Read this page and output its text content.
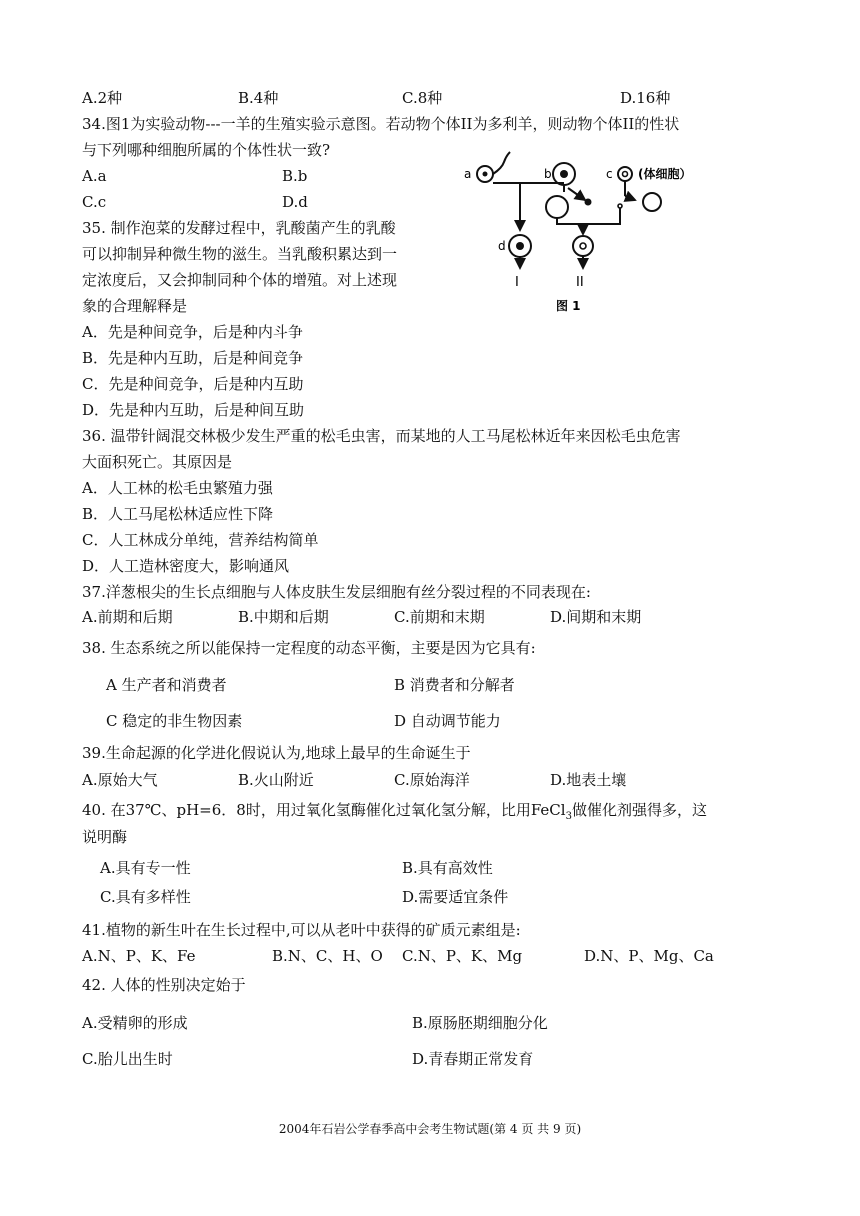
A.2种	B.4种	C.8种	D.16种
34.图1为实验动物---一羊的生殖实验示意图。若动物个体II为多利羊，则动物个体II的性状
与下列哪种细胞所属的个体性状一致?
A.a	B.b
C.c	D.d
a	b	c (体细胞）
d
I	II
图 1
35. 制作泡菜的发酵过程中，乳酸菌产生的乳酸
可以抑制异种微生物的滋生。当乳酸积累达到一
定浓度后，又会抑制同种个体的增殖。对上述现
象的合理解释是
A．先是种间竞争，后是种内斗争
B．先是种内互助，后是种间竞争
C．先是种间竞争，后是种内互助
D．先是种内互助，后是种间互助
36. 温带针阔混交林极少发生严重的松毛虫害，而某地的人工马尾松林近年来因松毛虫危害
大面积死亡。其原因是
A．人工林的松毛虫繁殖力强
B．人工马尾松林适应性下降
C．人工林成分单纯，营养结构简单
D．人工造林密度大，影响通风
37.洋葱根尖的生长点细胞与人体皮肤生发层细胞有丝分裂过程的不同表现在:
A.前期和后期	B.中期和后期	C.前期和末期	D.间期和末期
38. 生态系统之所以能保持一定程度的动态平衡，主要是因为它具有:
A 生产者和消费者	B 消费者和分解者
C 稳定的非生物因素	D 自动调节能力
39.生命起源的化学进化假说认为,地球上最早的生命诞生于
A.原始大气	B.火山附近	C.原始海洋	D.地表土壤
40. 在37℃、pH=6．8时，用过氧化氢酶催化过氧化氢分解，比用FeCl$_3$做催化剂强得多，这
说明酶
A.具有专一性	B.具有高效性
C.具有多样性	D.需要适宜条件
41.植物的新生叶在生长过程中,可以从老叶中获得的矿质元素组是:
A.N、P、K、Fe	B.N、C、H、O C.N、P、K、Mg	D.N、P、Mg、Ca
42. 人体的性别决定始于
A.受精卵的形成	B.原肠胚期细胞分化
C.胎儿出生时	D.青春期正常发育
2004年石岩公学春季高中会考生物试题(第 4 页 共 9 页)
